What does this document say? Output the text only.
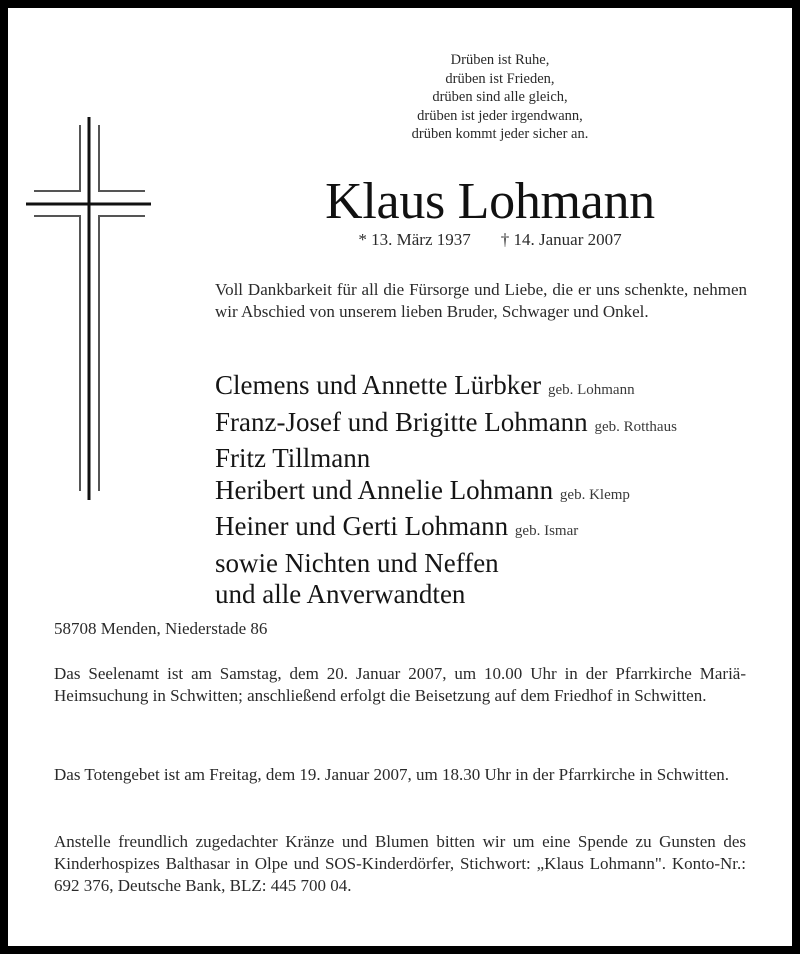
Drüben ist Ruhe,
drüben ist Frieden,
drüben sind alle gleich,
drüben ist jeder irgendwann,
drüben kommt jeder sicher an.
Klaus Lohmann
* 13. März 1937 † 14. Januar 2007
Voll Dankbarkeit für all die Fürsorge und Liebe, die er uns schenkte, nehmen wir Abschied von unserem lieben Bruder, Schwager und Onkel.
Clemens und Annette Lürbker geb. Lohmann
Franz-Josef und Brigitte Lohmann geb. Rotthaus
Fritz Tillmann
Heribert und Annelie Lohmann geb. Klemp
Heiner und Gerti Lohmann geb. Ismar
sowie Nichten und Neffen
und alle Anverwandten
58708 Menden, Niederstade 86
Das Seelenamt ist am Samstag, dem 20. Januar 2007, um 10.00 Uhr in der Pfarrkirche Mariä-Heimsuchung in Schwitten; anschließend erfolgt die Beisetzung auf dem Friedhof in Schwitten.
Das Totengebet ist am Freitag, dem 19. Januar 2007, um 18.30 Uhr in der Pfarrkirche in Schwitten.
Anstelle freundlich zugedachter Kränze und Blumen bitten wir um eine Spende zu Gunsten des Kinderhospizes Balthasar in Olpe und SOS-Kinderdörfer, Stichwort: „Klaus Lohmann". Konto-Nr.: 692 376, Deutsche Bank, BLZ: 445 700 04.
